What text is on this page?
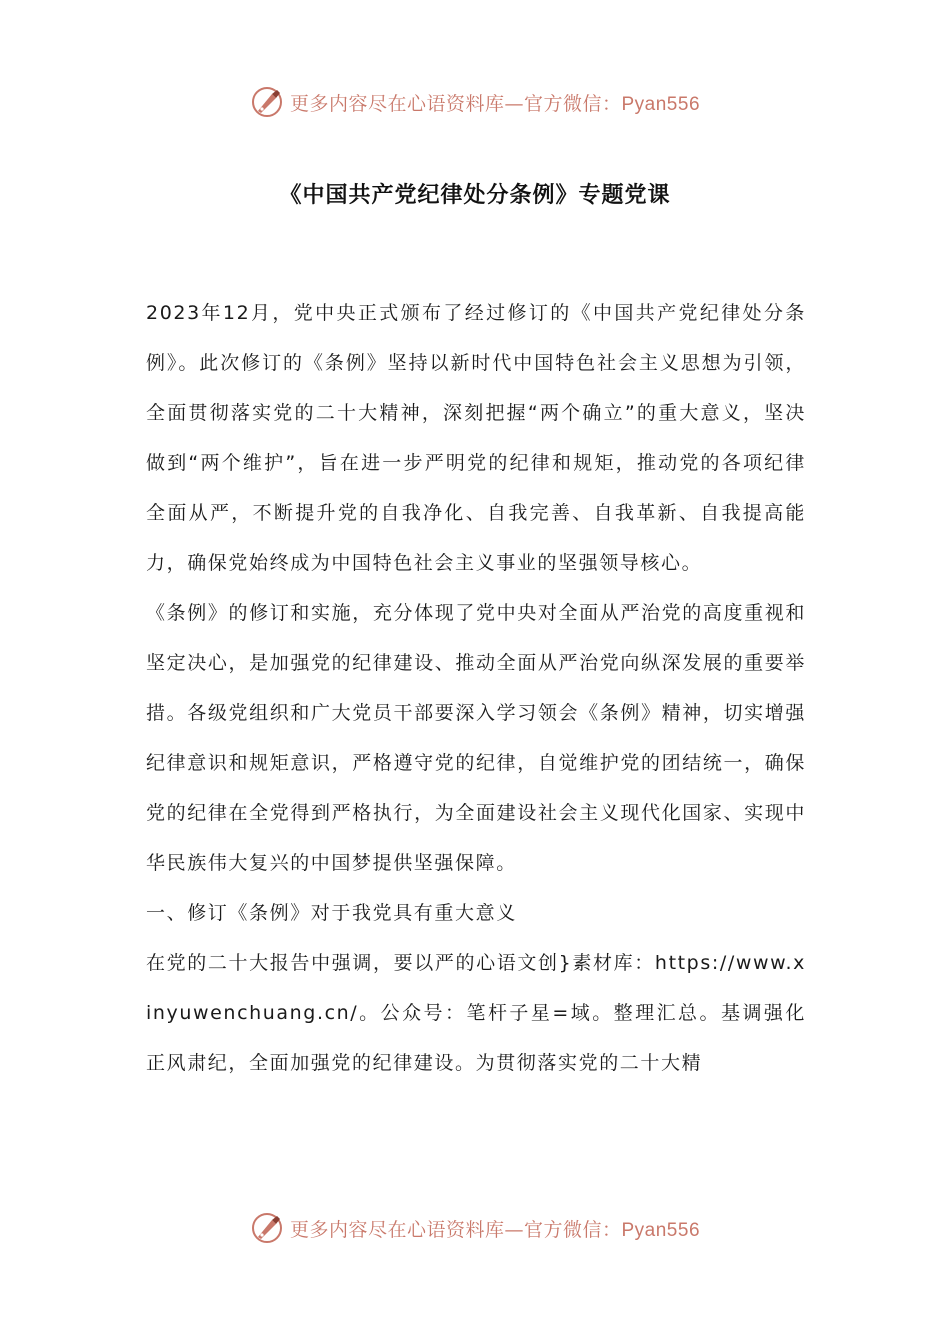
更多内容尽在心语资料库—官方微信：Pyan556
《中国共产党纪律处分条例》专题党课

2023年12月，党中央正式颁布了经过修订的《中国共产党纪律处分条例》。此次修订的《条例》坚持以新时代中国特色社会主义思想为引领，全面贯彻落实党的二十大精神，深刻把握“两个确立”的重大意义，坚决做到“两个维护”，旨在进一步严明党的纪律和规矩，推动党的各项纪律全面从严，不断提升党的自我净化、自我完善、自我革新、自我提高能力，确保党始终成为中国特色社会主义事业的坚强领导核心。

《条例》的修订和实施，充分体现了党中央对全面从严治党的高度重视和坚定决心，是加强党的纪律建设、推动全面从严治党向纵深发展的重要举措。各级党组织和广大党员干部要深入学习领会《条例》精神，切实增强纪律意识和规矩意识，严格遵守党的纪律，自觉维护党的团结统一，确保党的纪律在全党得到严格执行，为全面建设社会主义现代化国家、实现中华民族伟大复兴的中国梦提供坚强保障。

一、修订《条例》对于我党具有重大意义

在党的二十大报告中强调，要以严的心语文创}素材库：https://www.xinyuwenchuang.cn/。公众号：笔杆子星=域。整理汇总。基调强化正风肃纪，全面加强党的纪律建设。为贯彻落实党的二十大精

更多内容尽在心语资料库—官方微信：Pyan556
